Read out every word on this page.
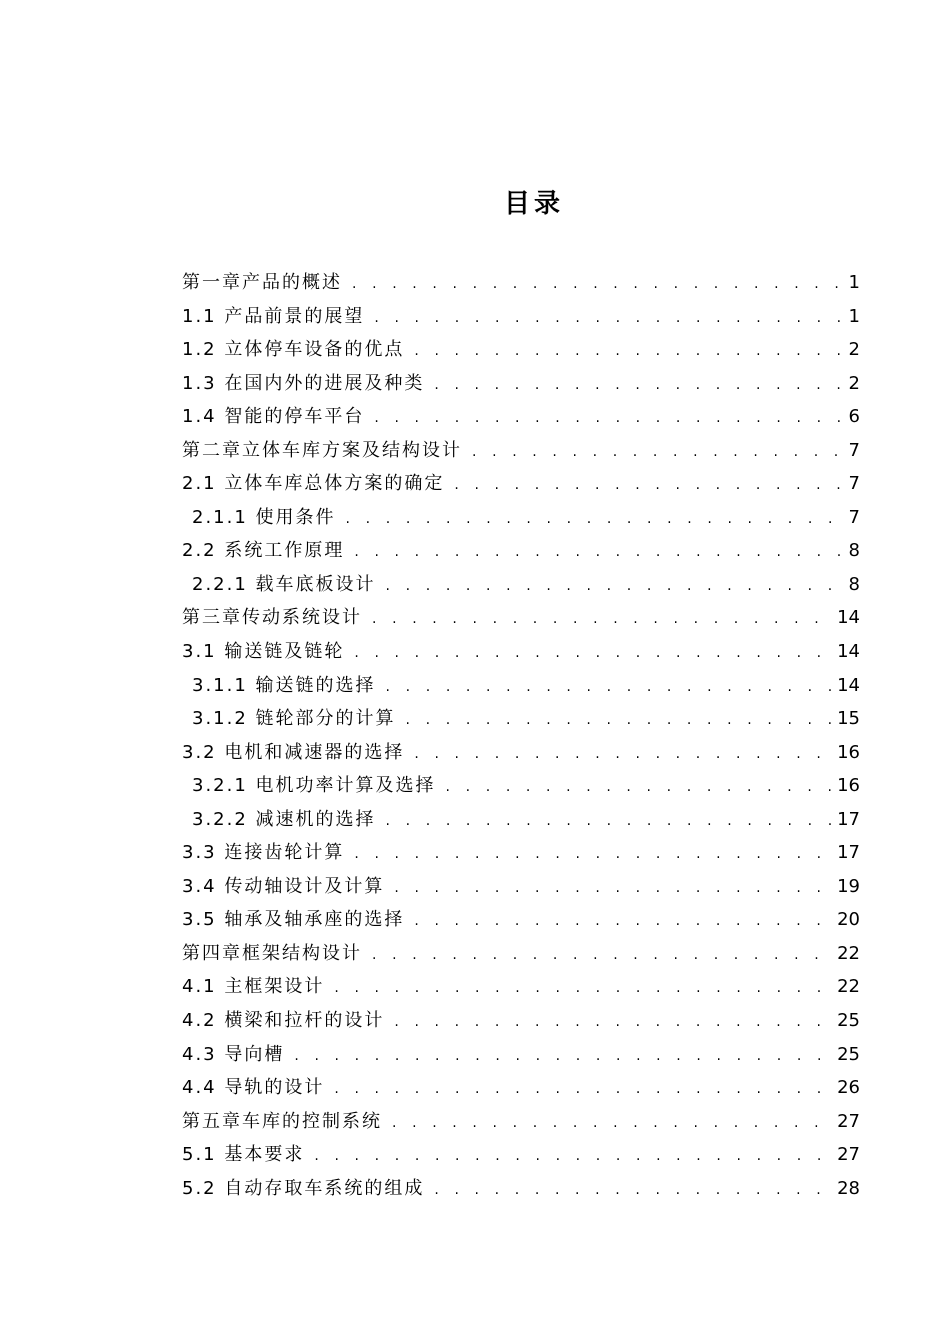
目录
第一章产品的概述 . . .	1
1.1 产品前景的展望 . . .	1
1.2 立体停车设备的优点 . . .	2
1.3 在国内外的进展及种类 . . .	2
1.4 智能的停车平台 . . .	6
第二章立体车库方案及结构设计 . . .	7
2.1 立体车库总体方案的确定 . . .	7
2.1.1 使用条件 . . .	7
2.2 系统工作原理 . . .	8
2.2.1 载车底板设计 . . .	8
第三章传动系统设计 . . .	14
3.1 输送链及链轮 . . .	14
3.1.1 输送链的选择 . . .	14
3.1.2 链轮部分的计算 . . .	15
3.2 电机和减速器的选择 . . .	16
3.2.1 电机功率计算及选择 . . .	16
3.2.2 减速机的选择 . . .	17
3.3 连接齿轮计算 . . .	17
3.4 传动轴设计及计算 . . .	19
3.5 轴承及轴承座的选择 . . .	20
第四章框架结构设计 . . .	22
4.1 主框架设计 . . .	22
4.2 横梁和拉杆的设计 . . .	25
4.3 导向槽 . . .	25
4.4 导轨的设计 . . .	26
第五章车库的控制系统 . . .	27
5.1 基本要求 . . .	27
5.2 自动存取车系统的组成 . . .	28
